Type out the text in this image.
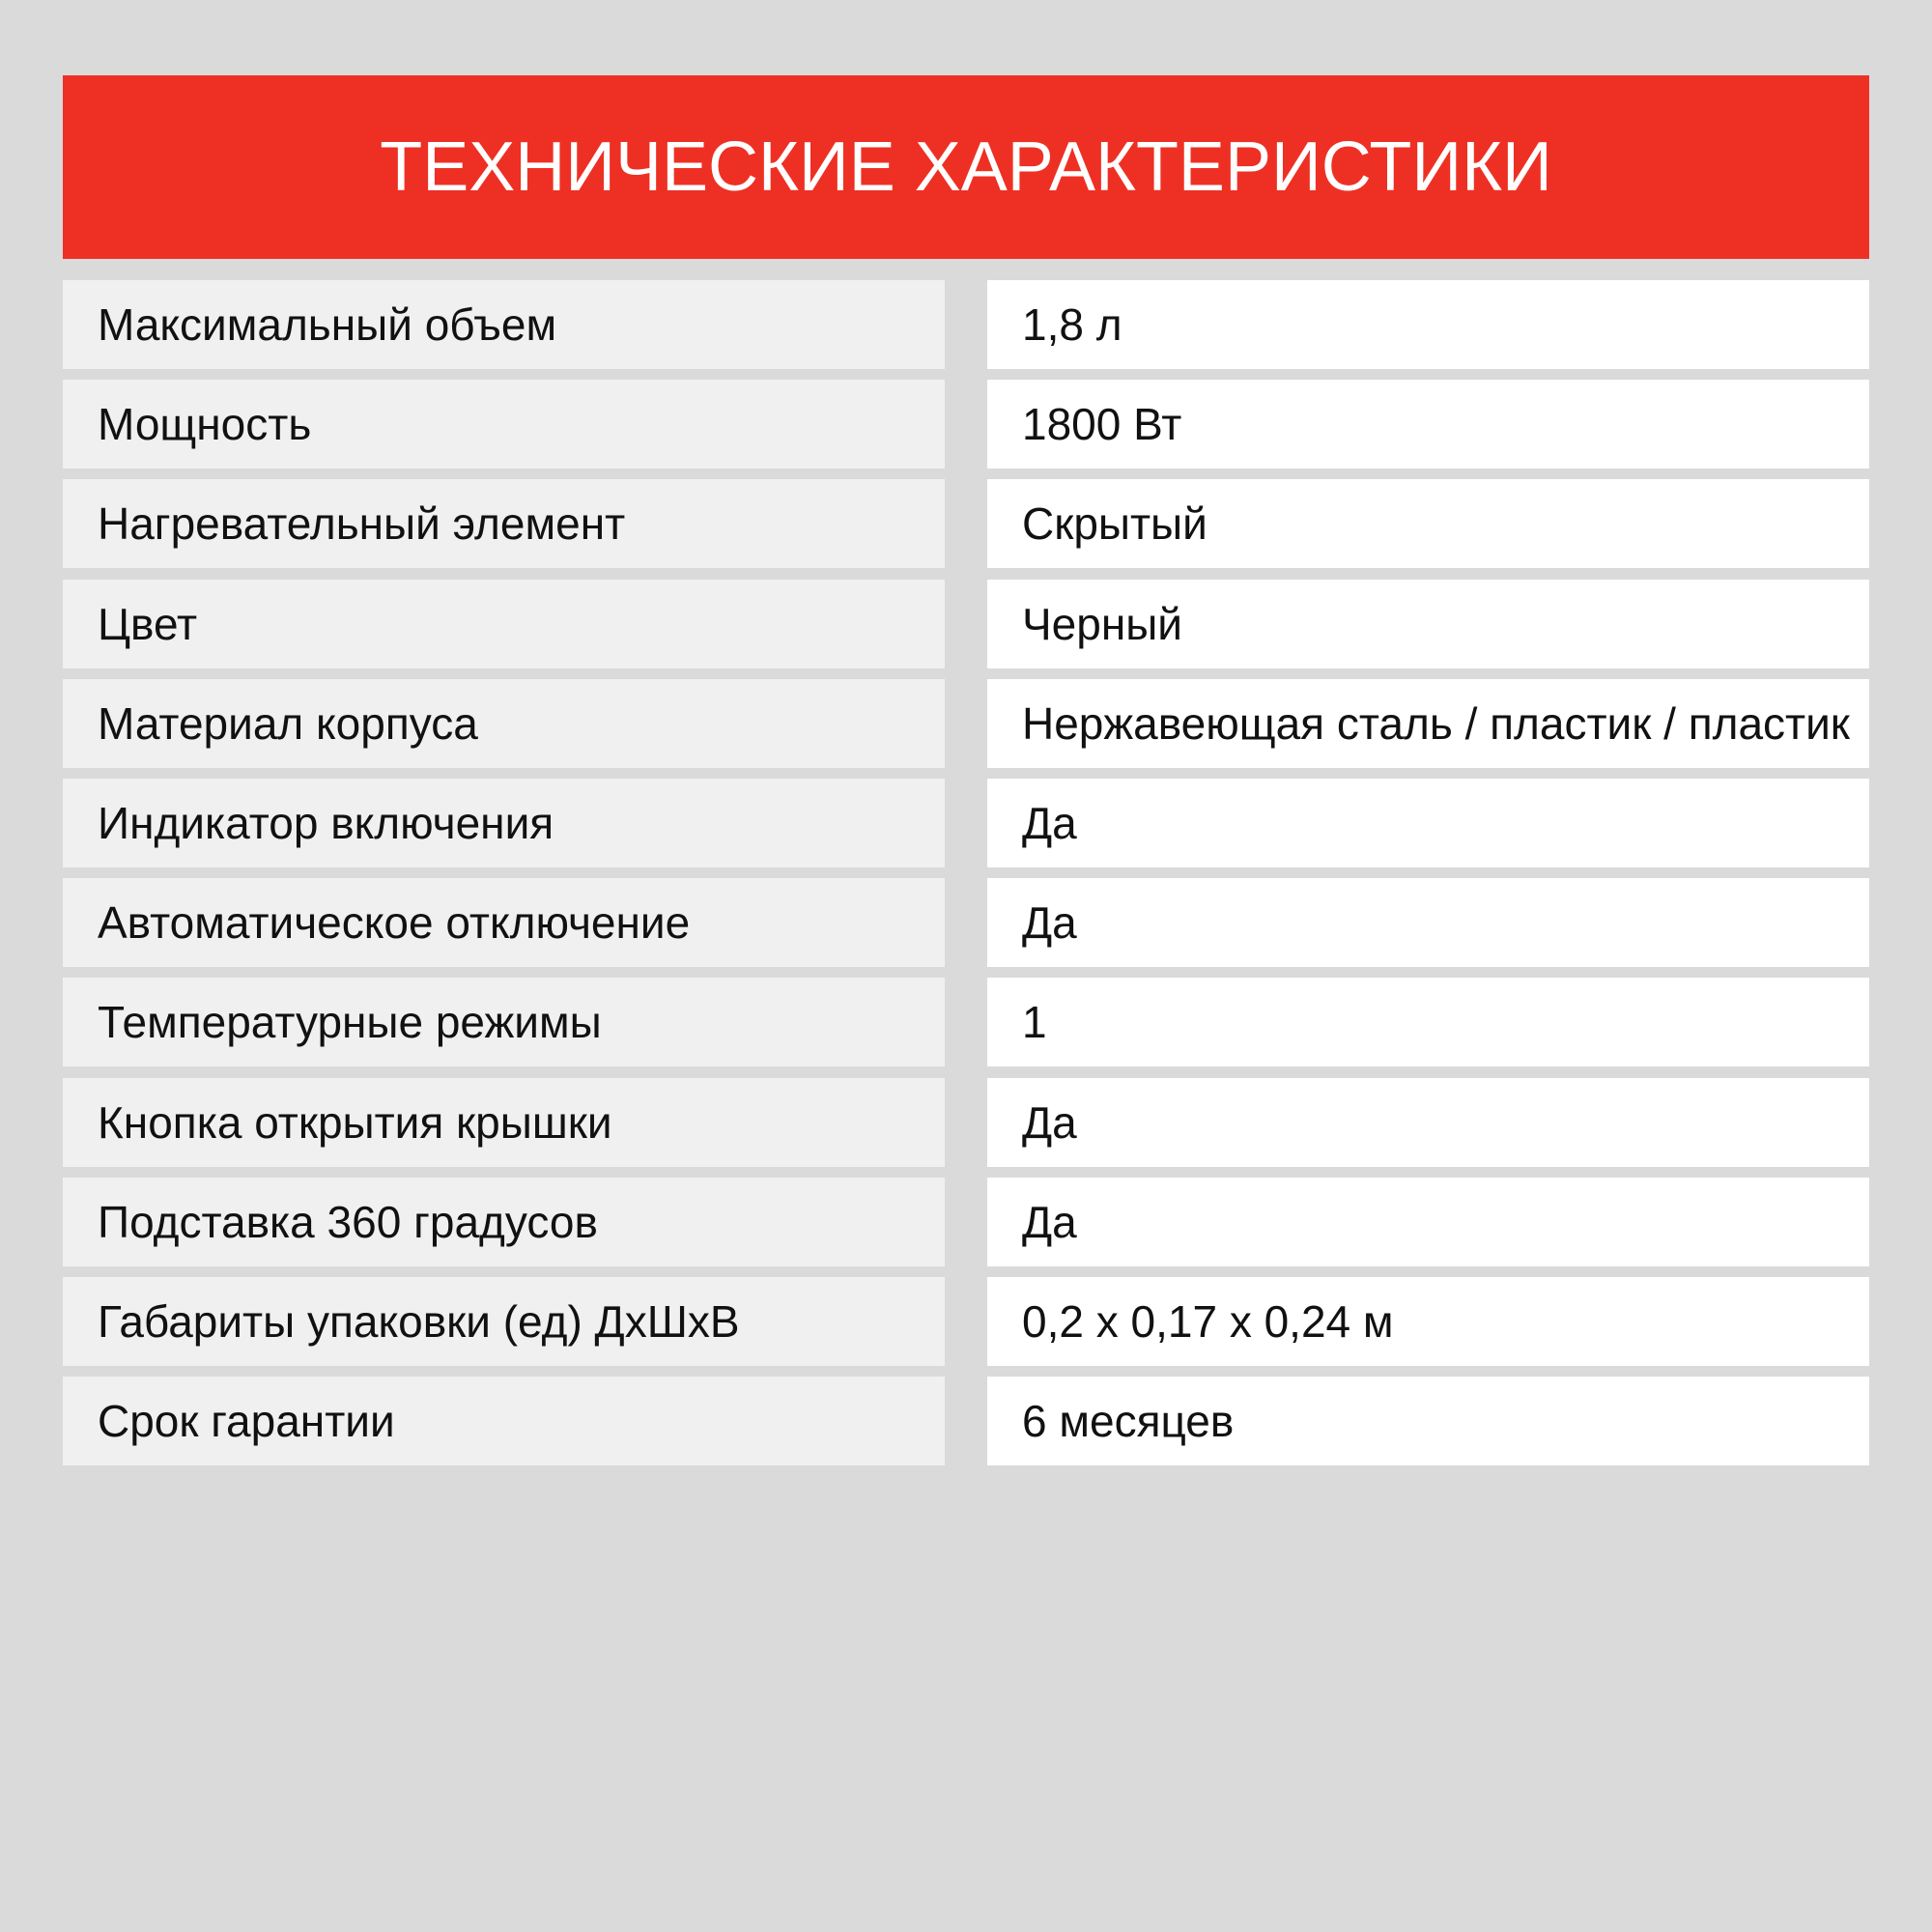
ТЕХНИЧЕСКИЕ ХАРАКТЕРИСТИКИ
Максимальный объем	1,8 л
Мощность	1800 Вт
Нагревательный элемент	Скрытый
Цвет	Черный
Материал корпуса	Нержавеющая сталь / пластик / пластик
Индикатор включения	Да
Автоматическое отключение	Да
Температурные режимы	1
Кнопка открытия крышки	Да
Подставка 360 градусов	Да
Габариты упаковки (ед) ДхШхВ	0,2 х 0,17 х 0,24 м
Срок гарантии	6 месяцев
